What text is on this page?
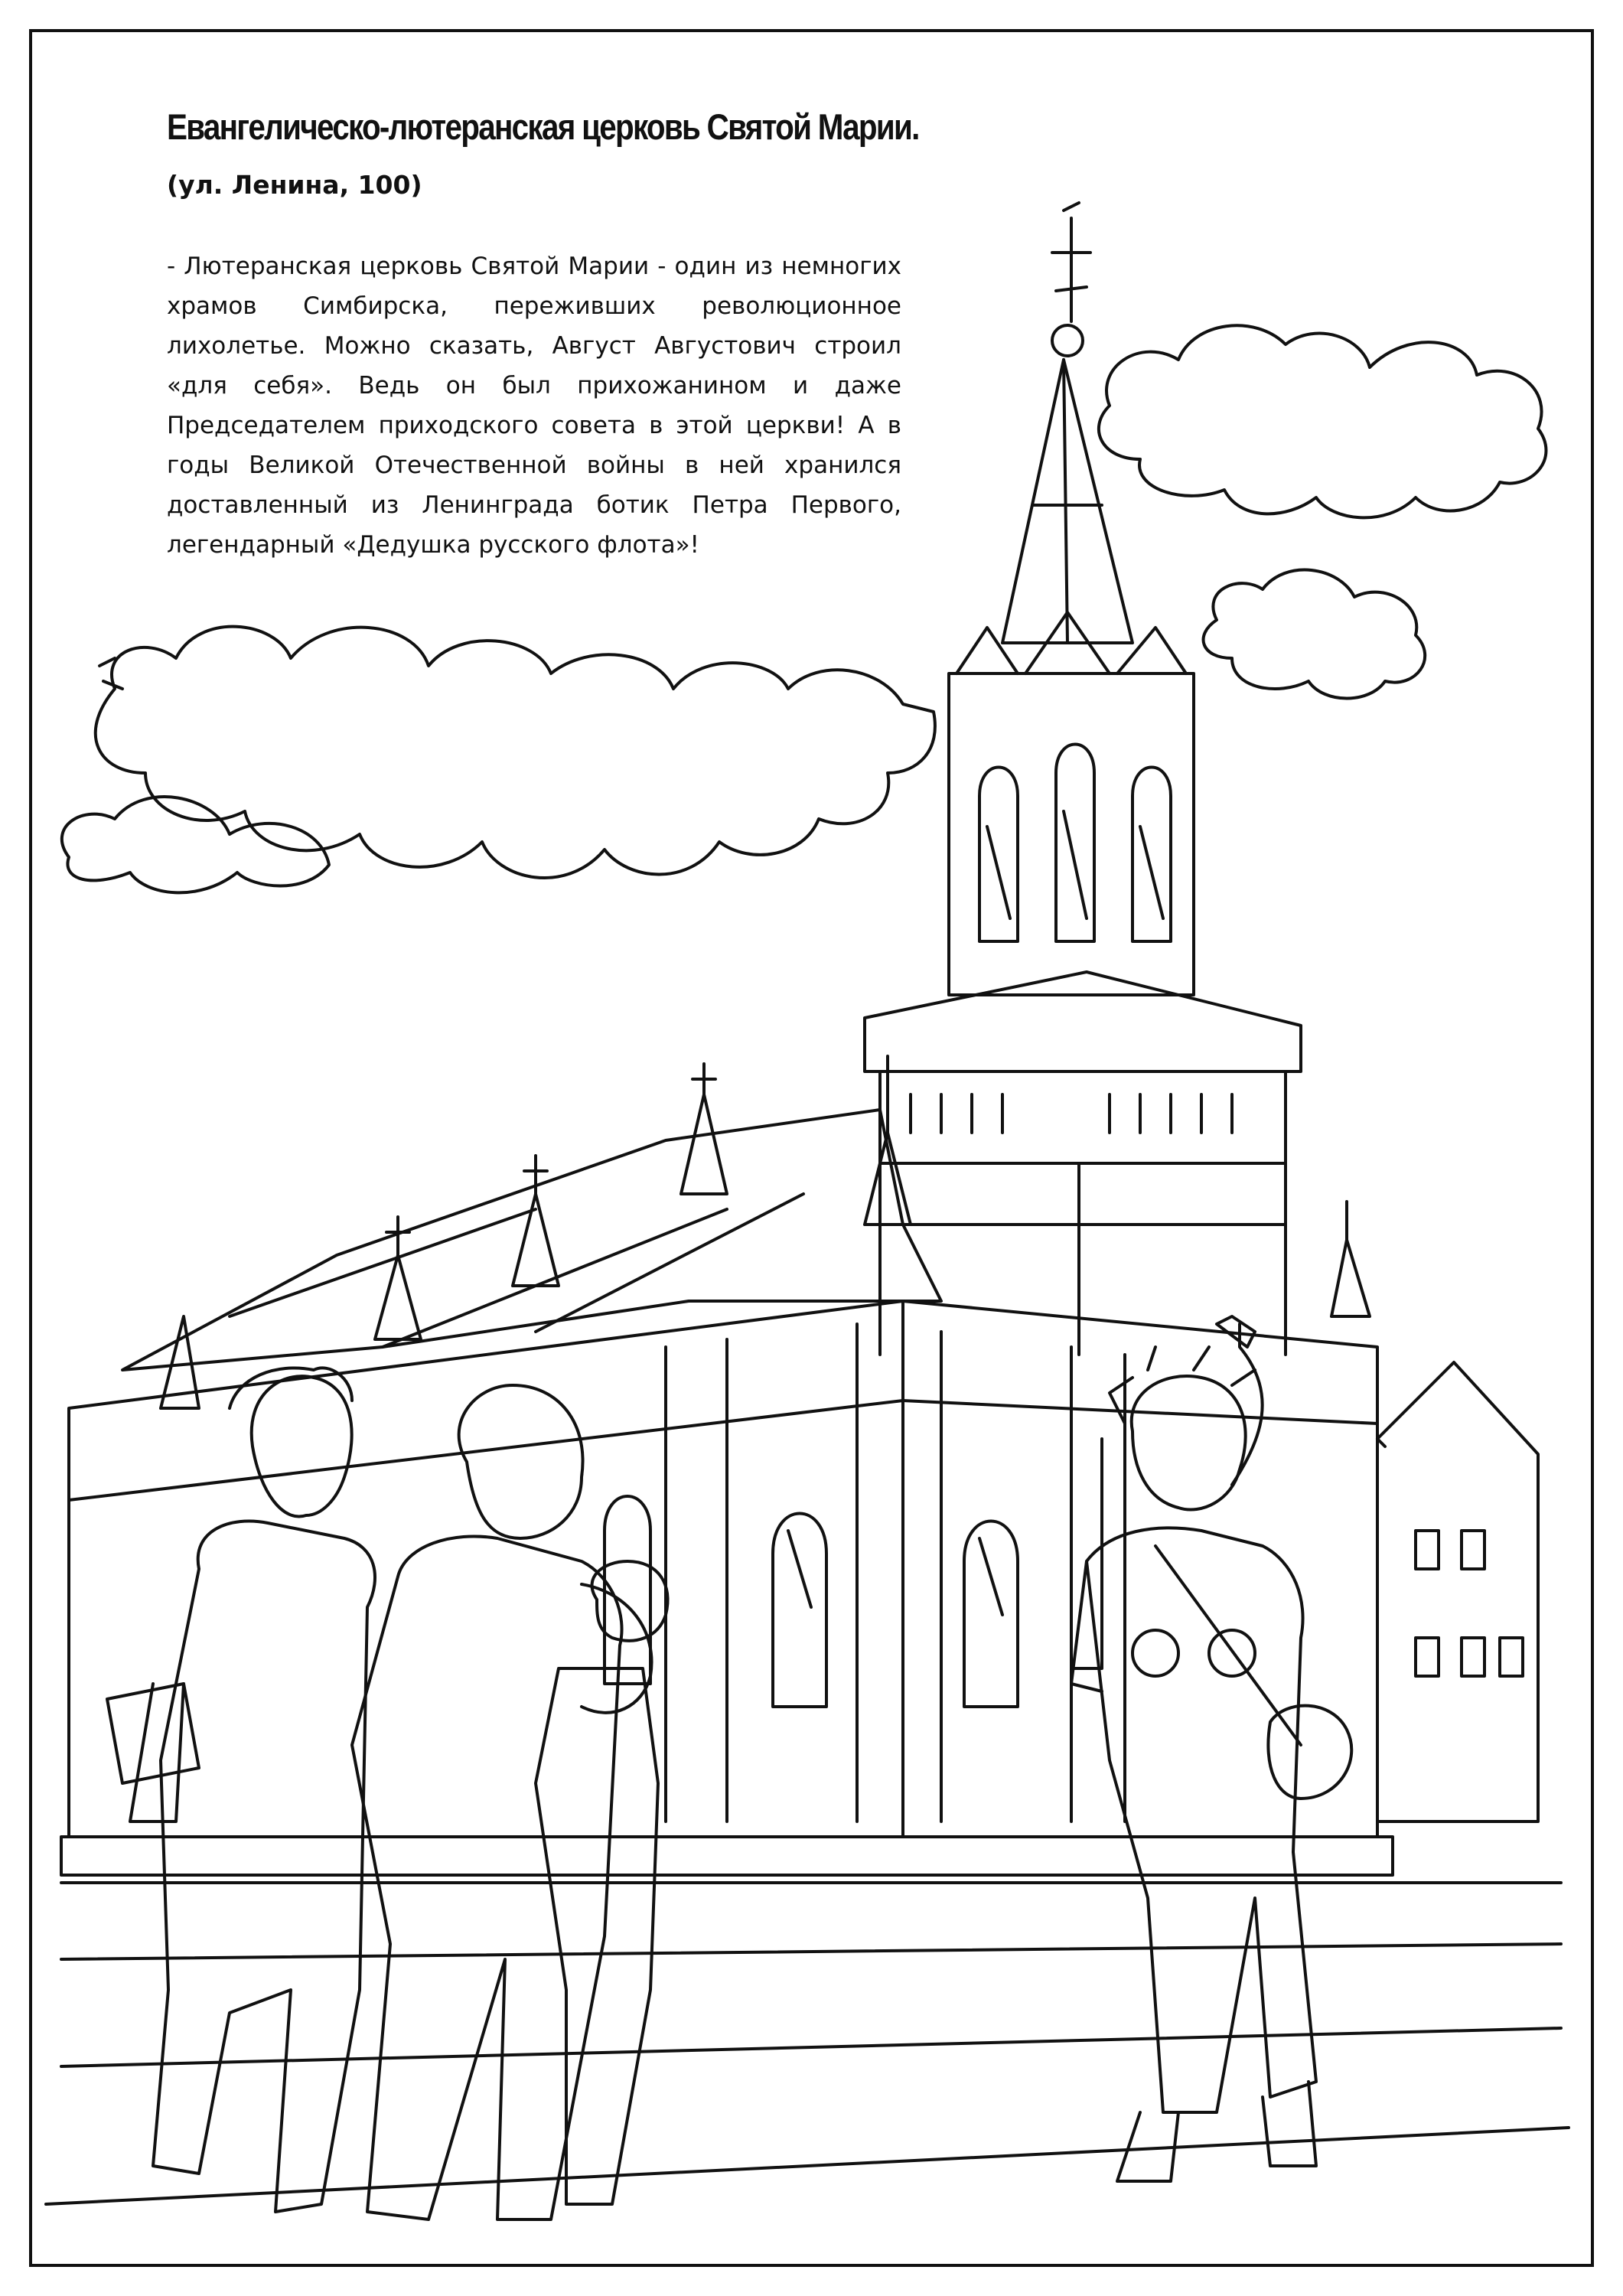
Евангелическо-лютеранская церковь Святой Марии.
(ул. Ленина, 100)
- Лютеранская церковь Святой Марии - один из немногих храмов Симбирска, переживших революционное лихолетье. Можно сказать, Август Августович строил «для себя». Ведь он был прихожанином и даже Председателем приходского совета в этой церкви! А в годы Великой Отечественной войны в ней хранился доставленный из Ленинграда ботик Петра Первого, легендарный «Дедушка русского флота»!
